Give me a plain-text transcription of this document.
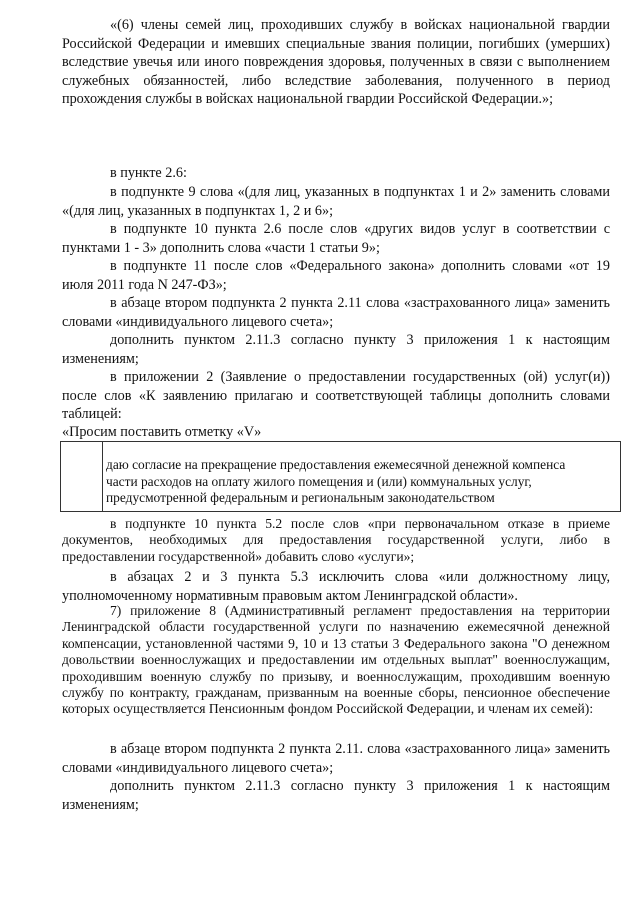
«(6) члены семей лиц, проходивших службу в войсках национальной гвардии Российской Федерации и имевших специальные звания полиции, погибших (умерших) вследствие увечья или иного повреждения здоровья, полученных в связи с выполнением служебных обязанностей, либо вследствие заболевания, полученного в период прохождения службы в войсках национальной гвардии Российской Федерации.»;

в пункте 2.6:

в подпункте 9 слова «(для лиц, указанных в подпунктах 1 и 2» заменить словами «(для лиц, указанных в подпунктах 1, 2 и 6»;

в подпункте 10 пункта 2.6 после слов «других видов услуг в соответствии с пунктами 1 - 3» дополнить слова «части 1 статьи 9»;

в подпункте 11 после слов «Федерального закона» дополнить словами «от 19 июля 2011 года N 247-ФЗ»;

в абзаце втором подпункта 2 пункта 2.11 слова «застрахованного лица» заменить словами «индивидуального лицевого счета»;

дополнить пунктом 2.11.3 согласно пункту 3 приложения 1 к настоящим изменениям;

в приложении 2 (Заявление о предоставлении государственных (ой) услуг(и)) после слов «К заявлению прилагаю и соответствующей таблицы дополнить словами таблицей:

«Просим поставить отметку «V»

даю согласие на прекращение предоставления ежемесячной денежной компенса
части расходов на оплату жилого помещения и (или) коммунальных услуг,
предусмотренной федеральным и региональным законодательством

в подпункте 10 пункта 5.2 после слов «при первоначальном отказе в приеме документов, необходимых для предоставления государственной услуги, либо в предоставлении государственной» добавить слово «услуги»;

в абзацах 2 и 3 пункта 5.3 исключить слова «или должностному лицу, уполномоченному нормативным правовым актом Ленинградской области».

7) приложение 8 (Административный регламент предоставления на территории Ленинградской области государственной услуги по назначению ежемесячной денежной компенсации, установленной частями 9, 10 и 13 статьи 3 Федерального закона "О денежном довольствии военнослужащих и предоставлении им отдельных выплат" военнослужащим, проходившим военную службу по призыву, и военнослужащим, проходившим военную службу по контракту, гражданам, призванным на военные сборы, пенсионное обеспечение которых осуществляется Пенсионным фондом Российской Федерации, и членам их семей):

в абзаце втором подпункта 2 пункта 2.11. слова «застрахованного лица» заменить словами «индивидуального лицевого счета»;

дополнить пунктом 2.11.3 согласно пункту 3 приложения 1 к настоящим изменениям;
